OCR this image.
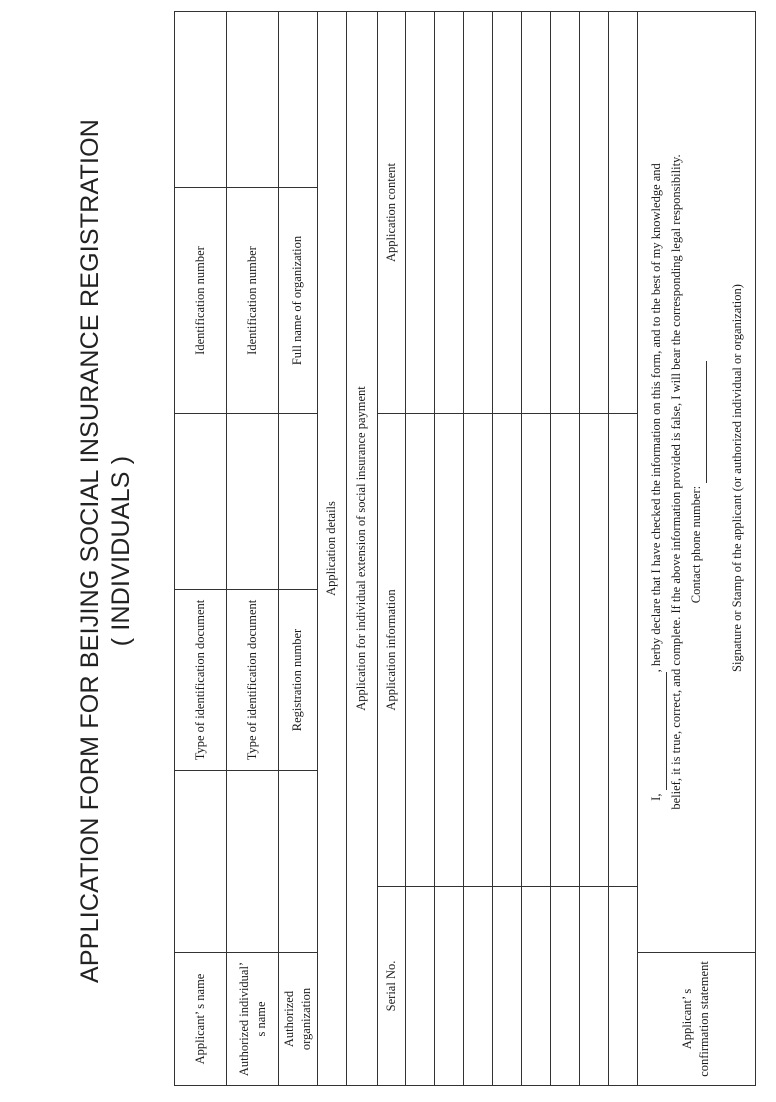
APPLICATION FORM FOR BEIJING SOCIAL INSURANCE REGISTRATION ( INDIVIDUALS )
Applicant’ s name			Type of identification document		Identification number	
Authorized individual’ s name			Type of identification document		Identification number	
Authorized organization			Registration number		Full name of organization	
Application details						
Application for individual extension of social insurance payment						
Serial No.		Application information			Application content	

Applicant’ s confirmation statement	I,  , herby declare that I have checked the information on this form, and to the best of my knowledge and belief, it is true, correct, and complete. If the above information provided is false, I will bear the corresponding legal responsibility. Contact phone number: Signature or Stamp of the applicant (or authorized individual or organization)					
